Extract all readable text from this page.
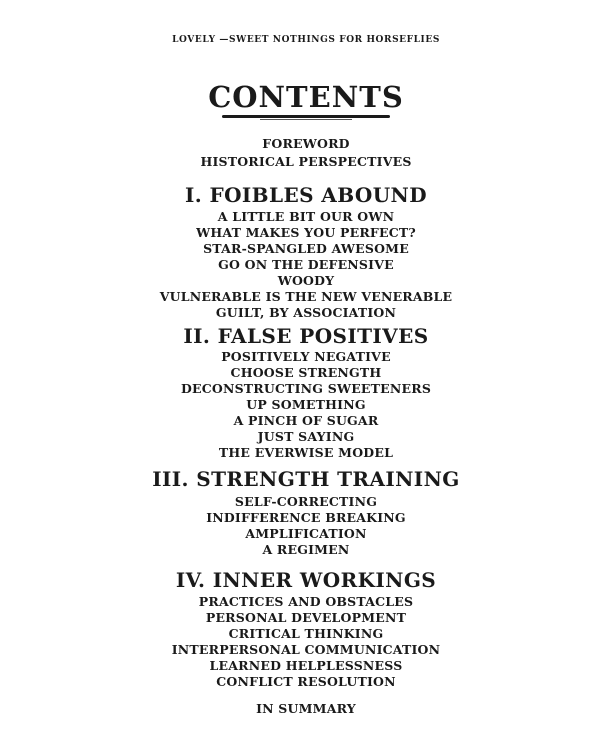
LOVELY —SWEET NOTHINGS FOR HORSEFLIES
CONTENTS
FOREWORD
HISTORICAL PERSPECTIVES
I. FOIBLES ABOUND
A LITTLE BIT OUR OWN
WHAT MAKES YOU PERFECT?
STAR-SPANGLED AWESOME
GO ON THE DEFENSIVE
WOODY
VULNERABLE IS THE NEW VENERABLE
GUILT, BY ASSOCIATION
II. FALSE POSITIVES
POSITIVELY NEGATIVE
CHOOSE STRENGTH
DECONSTRUCTING SWEETENERS
UP SOMETHING
A PINCH OF SUGAR
JUST SAYING
THE EVERWISE MODEL
III. STRENGTH TRAINING
SELF-CORRECTING
INDIFFERENCE BREAKING
AMPLIFICATION
A REGIMEN
IV. INNER WORKINGS
PRACTICES AND OBSTACLES
PERSONAL DEVELOPMENT
CRITICAL THINKING
INTERPERSONAL COMMUNICATION
LEARNED HELPLESSNESS
CONFLICT RESOLUTION
IN SUMMARY
